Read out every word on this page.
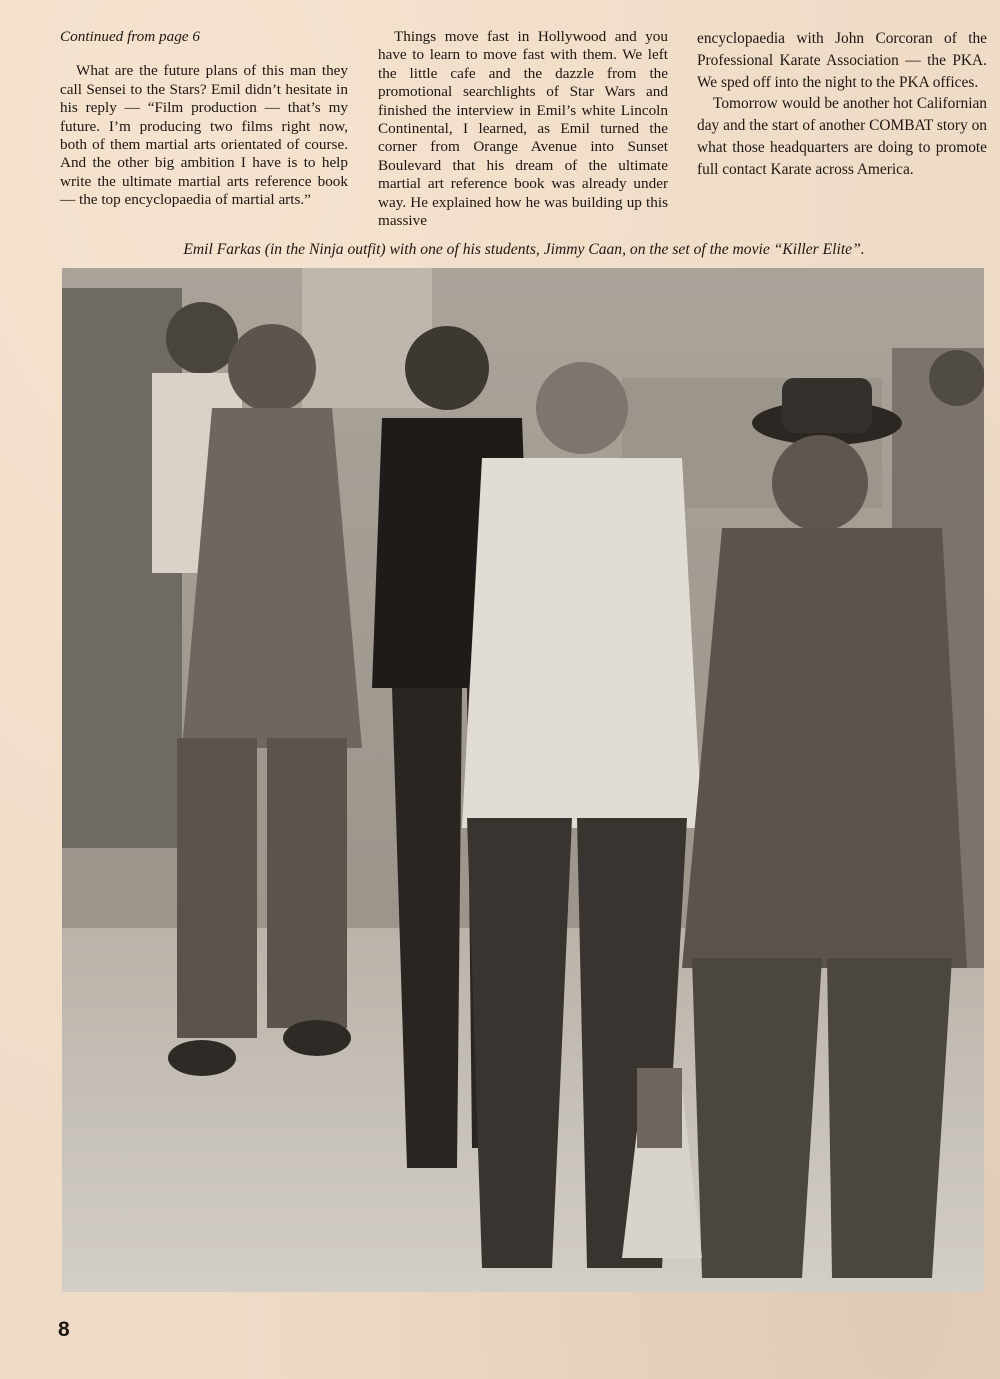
Continued from page 6

What are the future plans of this man they call Sensei to the Stars? Emil didn’t hesitate in his reply — “Film production — that’s my future. I’m producing two films right now, both of them martial arts orientated of course. And the other big ambition I have is to help write the ultimate martial arts reference book — the top encyclopaedia of martial arts.”

Things move fast in Hollywood and you have to learn to move fast with them. We left the little cafe and the dazzle from the promotional searchlights of Star Wars and finished the interview in Emil’s white Lincoln Continental, I learned, as Emil turned the corner from Orange Avenue into Sunset Boulevard that his dream of the ultimate martial art reference book was already under way. He explained how he was building up this massive

encyclopaedia with John Corcoran of the Professional Karate Association — the PKA. We sped off into the night to the PKA offices.

Tomorrow would be another hot Californian day and the start of another COMBAT story on what those headquarters are doing to promote full contact Karate across America.

Emil Farkas (in the Ninja outfit) with one of his students, Jimmy Caan, on the set of the movie “Killer Elite”.
8
